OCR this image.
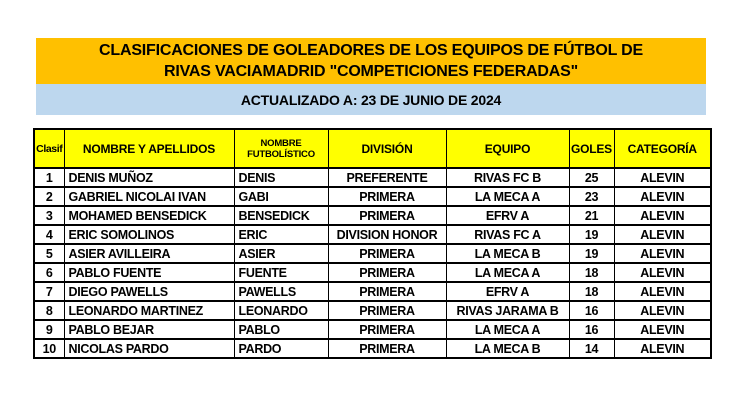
CLASIFICACIONES DE GOLEADORES DE LOS EQUIPOS DE FÚTBOL DE
RIVAS VACIAMADRID "COMPETICIONES FEDERADAS"
ACTUALIZADO A: 23 DE JUNIO DE 2024
Clasif	NOMBRE Y APELLIDOS	NOMBRE FUTBOLÍSTICO	DIVISIÓN	EQUIPO	GOLES	CATEGORÍA
1	DENIS MUÑOZ	DENIS	PREFERENTE	RIVAS FC B	25	ALEVIN
2	GABRIEL NICOLAI IVAN	GABI	PRIMERA	LA MECA A	23	ALEVIN
3	MOHAMED BENSEDICK	BENSEDICK	PRIMERA	EFRV A	21	ALEVIN
4	ERIC SOMOLINOS	ERIC	DIVISION HONOR	RIVAS FC A	19	ALEVIN
5	ASIER AVILLEIRA	ASIER	PRIMERA	LA MECA B	19	ALEVIN
6	PABLO FUENTE	FUENTE	PRIMERA	LA MECA A	18	ALEVIN
7	DIEGO PAWELLS	PAWELLS	PRIMERA	EFRV A	18	ALEVIN
8	LEONARDO MARTINEZ	LEONARDO	PRIMERA	RIVAS JARAMA B	16	ALEVIN
9	PABLO BEJAR	PABLO	PRIMERA	LA MECA A	16	ALEVIN
10	NICOLAS PARDO	PARDO	PRIMERA	LA MECA B	14	ALEVIN
